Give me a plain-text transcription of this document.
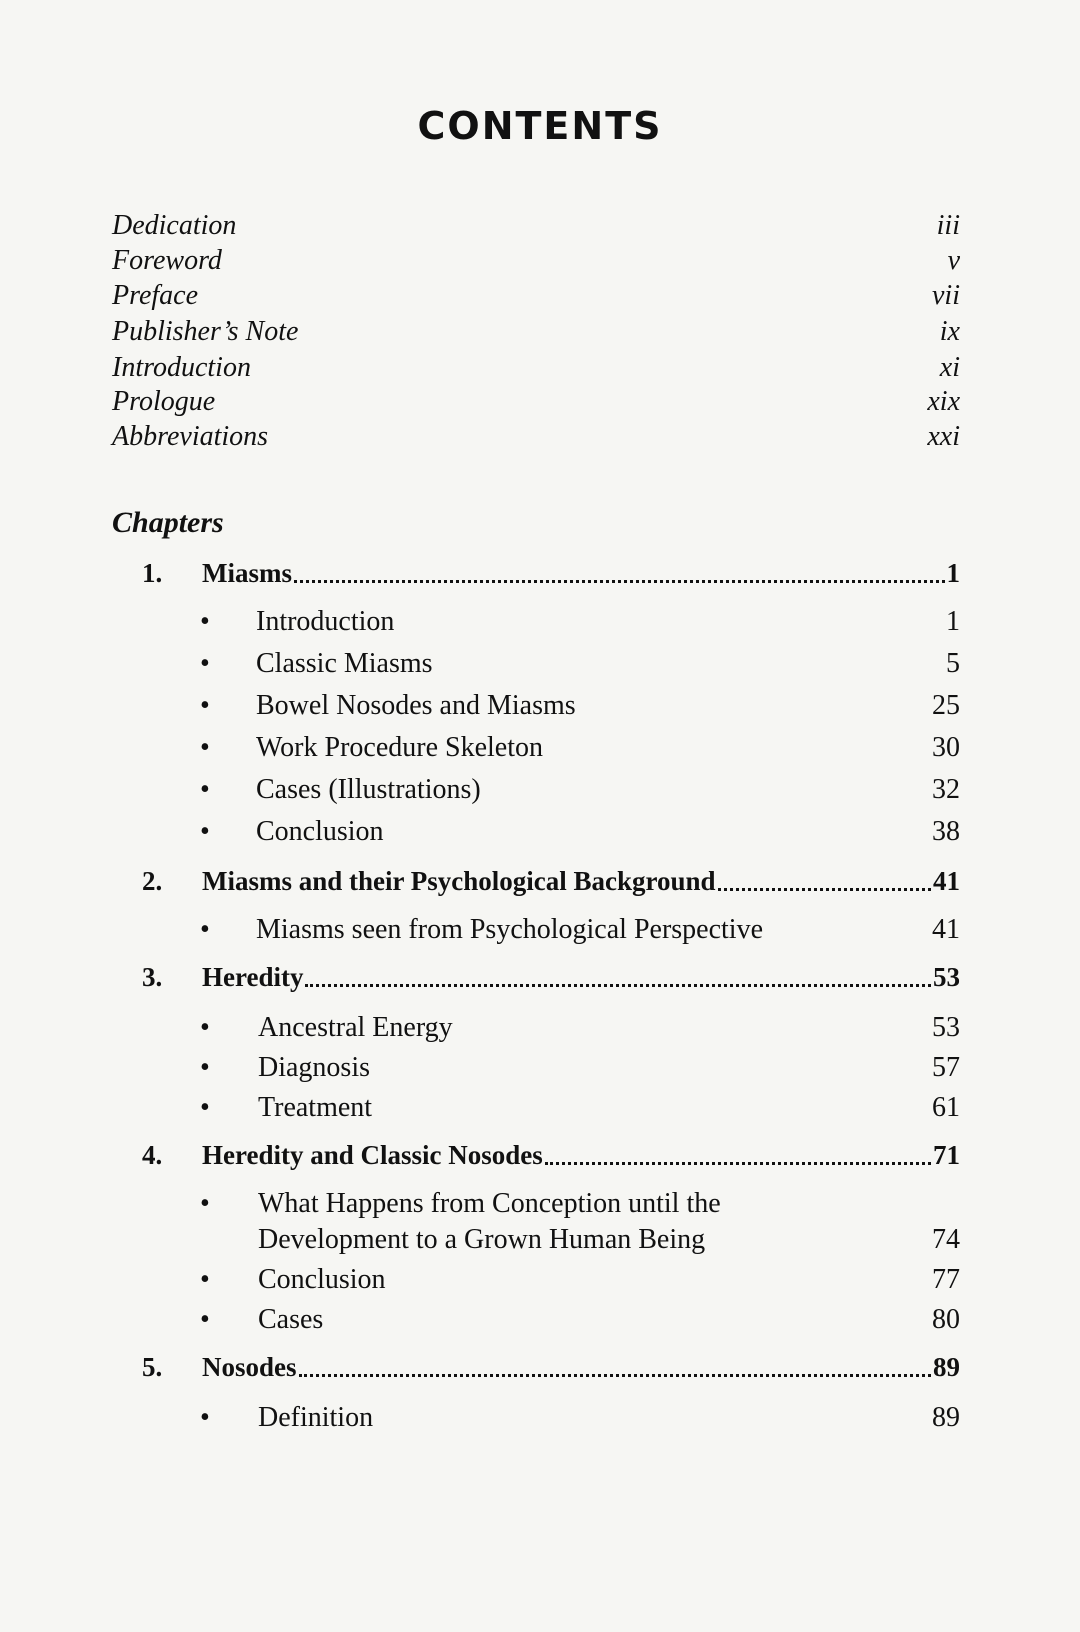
CONTENTS
Dedication	iii
Foreword	v
Preface	vii
Publisher’s Note	ix
Introduction	xi
Prologue	xix
Abbreviations	xxi
Chapters
1.	Miasms	1
•	Introduction	1
•	Classic Miasms	5
•	Bowel Nosodes and Miasms	25
•	Work Procedure Skeleton	30
•	Cases (Illustrations)	32
•	Conclusion	38
2.	Miasms and their Psychological Background	41
•	Miasms seen from Psychological Perspective	41
3.	Heredity	53
•	Ancestral Energy	53
•	Diagnosis	57
•	Treatment	61
4.	Heredity and Classic Nosodes	71
•	What Happens from Conception until the
Development to a Grown Human Being	74
•	Conclusion	77
•	Cases	80
5.	Nosodes	89
•	Definition	89
